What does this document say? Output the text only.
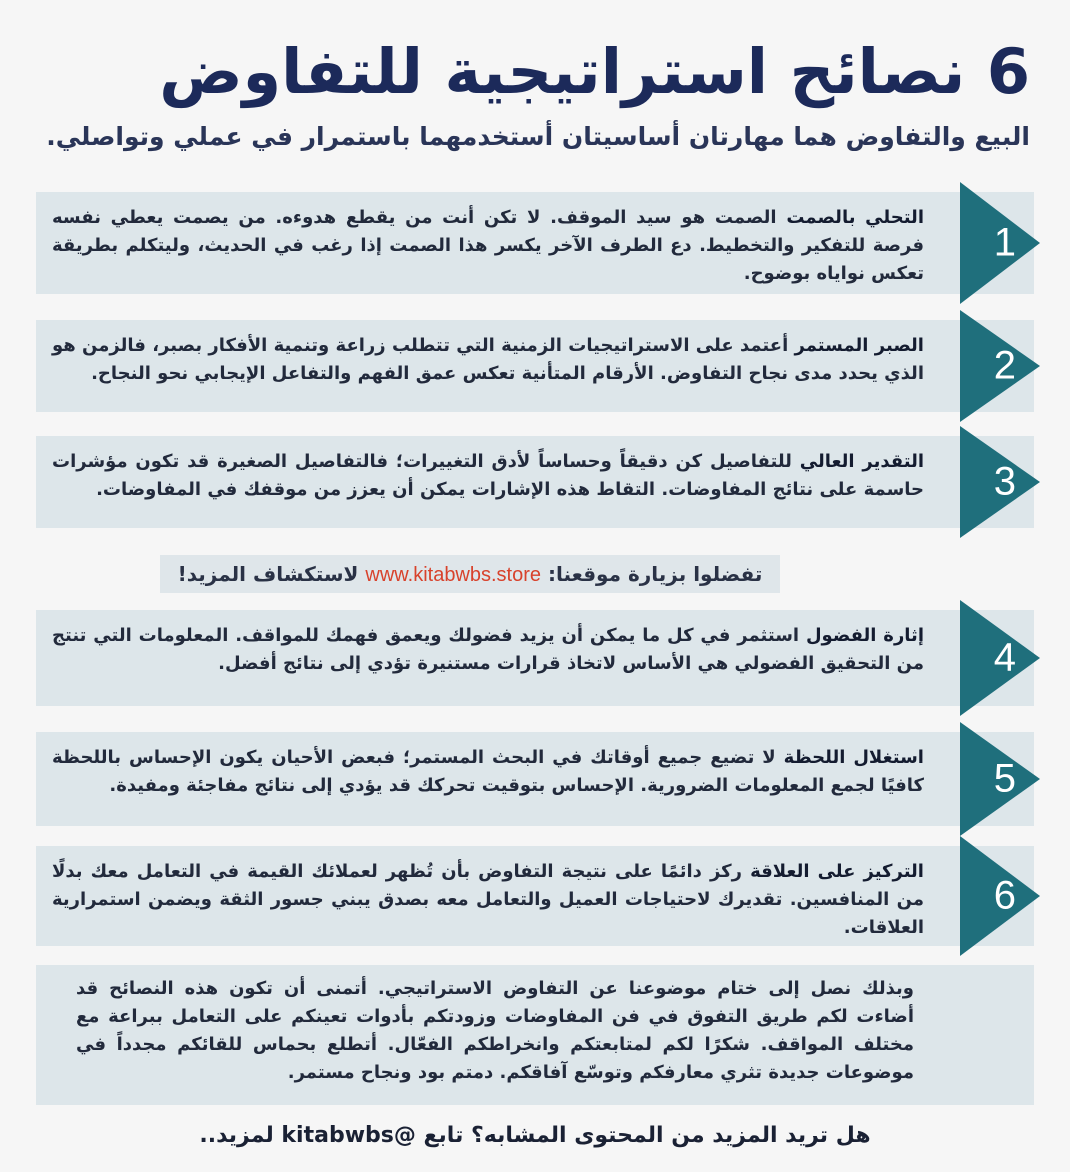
6 نصائح استراتيجية للتفاوض
البيع والتفاوض هما مهارتان أساسيتان أستخدمهما باستمرار في عملي وتواصلي.
1
التحلي بالصمت الصمت هو سيد الموقف. لا تكن أنت من يقطع هدوءه. من يصمت يعطي نفسه فرصة للتفكير والتخطيط. دع الطرف الآخر يكسر هذا الصمت إذا رغب في الحديث، وليتكلم بطريقة تعكس نواياه بوضوح.
2
الصبر المستمر أعتمد على الاستراتيجيات الزمنية التي تتطلب زراعة وتنمية الأفكار بصبر، فالزمن هو الذي يحدد مدى نجاح التفاوض. الأرقام المتأنية تعكس عمق الفهم والتفاعل الإيجابي نحو النجاح.
3
التقدير العالي للتفاصيل كن دقيقاً وحساساً لأدق التغييرات؛ فالتفاصيل الصغيرة قد تكون مؤشرات حاسمة على نتائج المفاوضات. التقاط هذه الإشارات يمكن أن يعزز من موقفك في المفاوضات.
تفضلوا بزيارة موقعنا: www.kitabwbs.store لاستكشاف المزيد!
4
إثارة الفضول استثمر في كل ما يمكن أن يزيد فضولك ويعمق فهمك للمواقف. المعلومات التي تنتج من التحقيق الفضولي هي الأساس لاتخاذ قرارات مستنيرة تؤدي إلى نتائج أفضل.
5
استغلال اللحظة لا تضيع جميع أوقاتك في البحث المستمر؛ فبعض الأحيان يكون الإحساس باللحظة كافيًا لجمع المعلومات الضرورية. الإحساس بتوقيت تحركك قد يؤدي إلى نتائج مفاجئة ومفيدة.
6
التركيز على العلاقة ركز دائمًا على نتيجة التفاوض بأن تُظهر لعملائك القيمة في التعامل معك بدلًا من المنافسين. تقديرك لاحتياجات العميل والتعامل معه بصدق يبني جسور الثقة ويضمن استمرارية العلاقات.

وبذلك نصل إلى ختام موضوعنا عن التفاوض الاستراتيجي. أتمنى أن تكون هذه النصائح قد أضاءت لكم طريق التفوق في فن المفاوضات وزودتكم بأدوات تعينكم على التعامل ببراعة مع مختلف المواقف. شكرًا لكم لمتابعتكم وانخراطكم الفعّال. أتطلع بحماس للقائكم مجدداً في موضوعات جديدة تثري معارفكم وتوسّع آفاقكم. دمتم بود ونجاح مستمر.

هل تريد المزيد من المحتوى المشابه؟ تابع @kitabwbs لمزيد..
